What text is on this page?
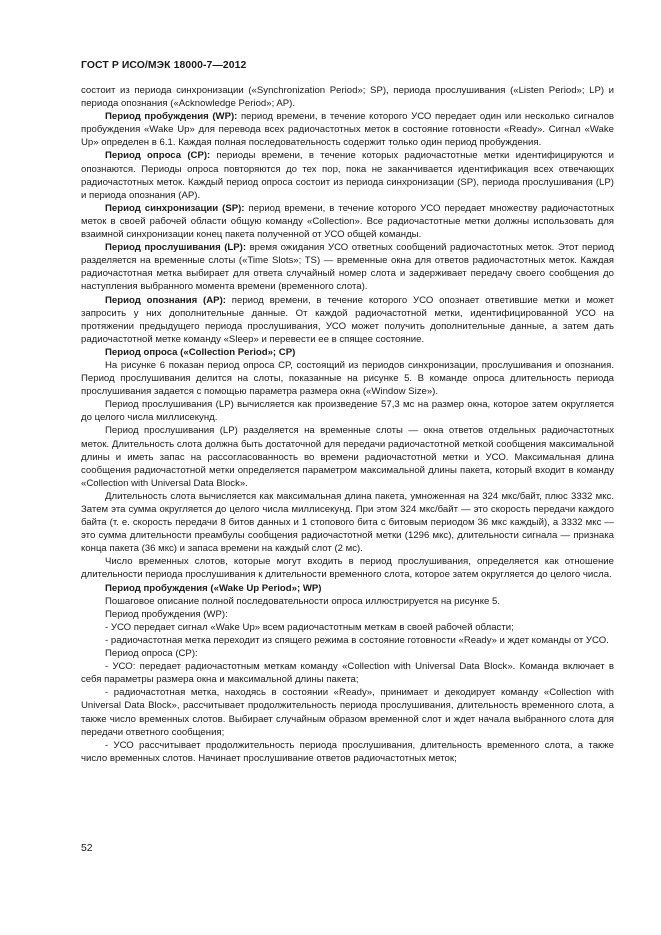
ГОСТ Р ИСО/МЭК 18000-7—2012

состоит из периода синхронизации («Synchronization Period»; SP), периода прослушивания («Listen Period»; LP) и периода опознания («Acknowledge Period»; AP).

Период пробуждения (WP): период времени, в течение которого УСО передает один или несколько сигналов пробуждения «Wake Up» для перевода всех радиочастотных меток в состояние готовности «Ready». Сигнал «Wake Up» определен в 6.1. Каждая полная последовательность содержит только один период пробуждения.

Период опроса (CP): периоды времени, в течение которых радиочастотные метки идентифицируются и опознаются. Периоды опроса повторяются до тех пор, пока не заканчивается идентификация всех отвечающих радиочастотных меток. Каждый период опроса состоит из периода синхронизации (SP), периода прослушивания (LP) и периода опознания (AP).

Период синхронизации (SP): период времени, в течение которого УСО передает множеству радиочастотных меток в своей рабочей области общую команду «Collection». Все радиочастотные метки должны использовать для взаимной синхронизации конец пакета полученной от УСО общей команды.

Период прослушивания (LP): время ожидания УСО ответных сообщений радиочастотных меток. Этот период разделяется на временные слоты («Time Slots»; TS) — временные окна для ответов радиочастотных меток. Каждая радиочастотная метка выбирает для ответа случайный номер слота и задерживает передачу своего сообщения до наступления выбранного момента времени (временного слота).

Период опознания (AP): период времени, в течение которого УСО опознает ответившие метки и может запросить у них дополнительные данные. От каждой радиочастотной метки, идентифицированной УСО на протяжении предыдущего периода прослушивания, УСО может получить дополнительные данные, а затем дать радиочастотной метке команду «Sleep» и перевести ее в спящее состояние.

Период опроса («Collection Period»; CP)

На рисунке 6 показан период опроса CP, состоящий из периодов синхронизации, прослушивания и опознания. Период прослушивания делится на слоты, показанные на рисунке 5. В команде опроса длительность периода прослушивания задается с помощью параметра размера окна («Window Size»).

Период прослушивания (LP) вычисляется как произведение 57,3 мс на размер окна, которое затем округляется до целого числа миллисекунд.

Период прослушивания (LP) разделяется на временные слоты — окна ответов отдельных радиочастотных меток. Длительность слота должна быть достаточной для передачи радиочастотной меткой сообщения максимальной длины и иметь запас на рассогласованность во времени радиочастотной метки и УСО. Максимальная длина сообщения радиочастотной метки определяется параметром максимальной длины пакета, который входит в команду «Collection with Universal Data Block».

Длительность слота вычисляется как максимальная длина пакета, умноженная на 324 мкс/байт, плюс 3332 мкс. Затем эта сумма округляется до целого числа миллисекунд. При этом 324 мкс/байт — это скорость передачи каждого байта (т. е. скорость передачи 8 битов данных и 1 стопового бита с битовым периодом 36 мкс каждый), а 3332 мкс — это сумма длительности преамбулы сообщения радиочастотной метки (1296 мкс), длительности сигнала — признака конца пакета (36 мкс) и запаса времени на каждый слот (2 мс).

Число временных слотов, которые могут входить в период прослушивания, определяется как отношение длительности периода прослушивания к длительности временного слота, которое затем округляется до целого числа.

Период пробуждения («Wake Up Period»; WP)

Пошаговое описание полной последовательности опроса иллюстрируется на рисунке 5.

Период пробуждения (WP):

- УСО передает сигнал «Wake Up» всем радиочастотным меткам в своей рабочей области;

- радиочастотная метка переходит из спящего режима в состояние готовности «Ready» и ждет команды от УСО.

Период опроса (CP):

- УСО: передает радиочастотным меткам команду «Collection with Universal Data Block». Команда включает в себя параметры размера окна и максимальной длины пакета;

- радиочастотная метка, находясь в состоянии «Ready», принимает и декодирует команду «Collection with Universal Data Block», рассчитывает продолжительность периода прослушивания, длительность временного слота, а также число временных слотов. Выбирает случайным образом временной слот и ждет начала выбранного слота для передачи ответного сообщения;

- УСО рассчитывает продолжительность периода прослушивания, длительность временного слота, а также число временных слотов. Начинает прослушивание ответов радиочастотных меток;

52
